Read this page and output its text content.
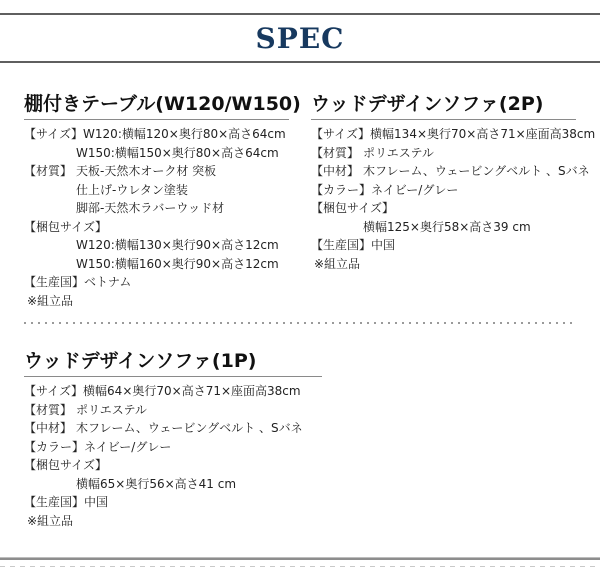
SPEC
棚付きテーブル(W120/W150)
【サイズ】W120:横幅120×奥行80×高さ64cm
W150:横幅150×奥行80×高さ64cm
【材質】 天板-天然木オーク材 突板
仕上げ-ウレタン塗装
脚部-天然木ラバーウッド材
【梱包サイズ】
W120:横幅130×奥行90×高さ12cm
W150:横幅160×奥行90×高さ12cm
【生産国】ベトナム
※組立品
ウッドデザインソファ(2P)
【サイズ】横幅134×奥行70×高さ71×座面高38cm
【材質】 ポリエステル
【中材】 木フレーム、ウェービングベルト 、Sバネ
【カラー】ネイビー/グレー
【梱包サイズ】
横幅125×奥行58×高さ39 cm
【生産国】中国
※組立品
ウッドデザインソファ(1P)
【サイズ】横幅64×奥行70×高さ71×座面高38cm
【材質】 ポリエステル
【中材】 木フレーム、ウェービングベルト 、Sバネ
【カラー】ネイビー/グレー
【梱包サイズ】
横幅65×奥行56×高さ41 cm
【生産国】中国
※組立品
